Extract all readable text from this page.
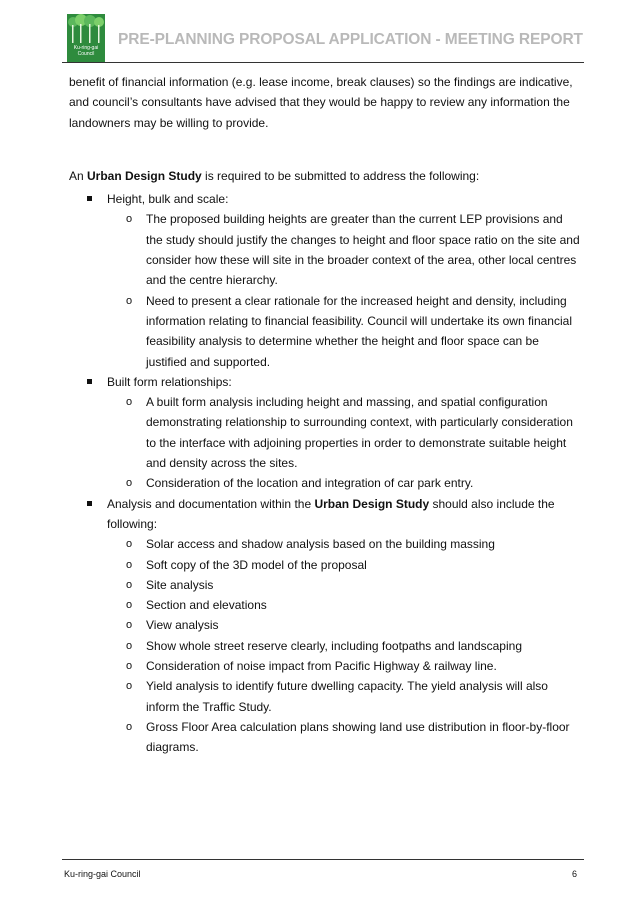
Ku-ring-gai Council
PRE-PLANNING PROPOSAL APPLICATION - MEETING REPORT

benefit of financial information (e.g. lease income, break clauses) so the findings are indicative, and council’s consultants have advised that they would be happy to review any information the landowners may be willing to provide.

An Urban Design Study is required to be submitted to address the following:

Height, bulk and scale:
o The proposed building heights are greater than the current LEP provisions and the study should justify the changes to height and floor space ratio on the site and consider how these will site in the broader context of the area, other local centres and the centre hierarchy.
o Need to present a clear rationale for the increased height and density, including information relating to financial feasibility. Council will undertake its own financial feasibility analysis to determine whether the height and floor space can be justified and supported.
Built form relationships:
o A built form analysis including height and massing, and spatial configuration demonstrating relationship to surrounding context, with particularly consideration to the interface with adjoining properties in order to demonstrate suitable height and density across the sites.
o Consideration of the location and integration of car park entry.
Analysis and documentation within the Urban Design Study should also include the following:
o Solar access and shadow analysis based on the building massing
o Soft copy of the 3D model of the proposal
o Site analysis
o Section and elevations
o View analysis
o Show whole street reserve clearly, including footpaths and landscaping
o Consideration of noise impact from Pacific Highway & railway line.
o Yield analysis to identify future dwelling capacity. The yield analysis will also inform the Traffic Study.
o Gross Floor Area calculation plans showing land use distribution in floor-by-floor diagrams.
Ku-ring-gai Council	6
